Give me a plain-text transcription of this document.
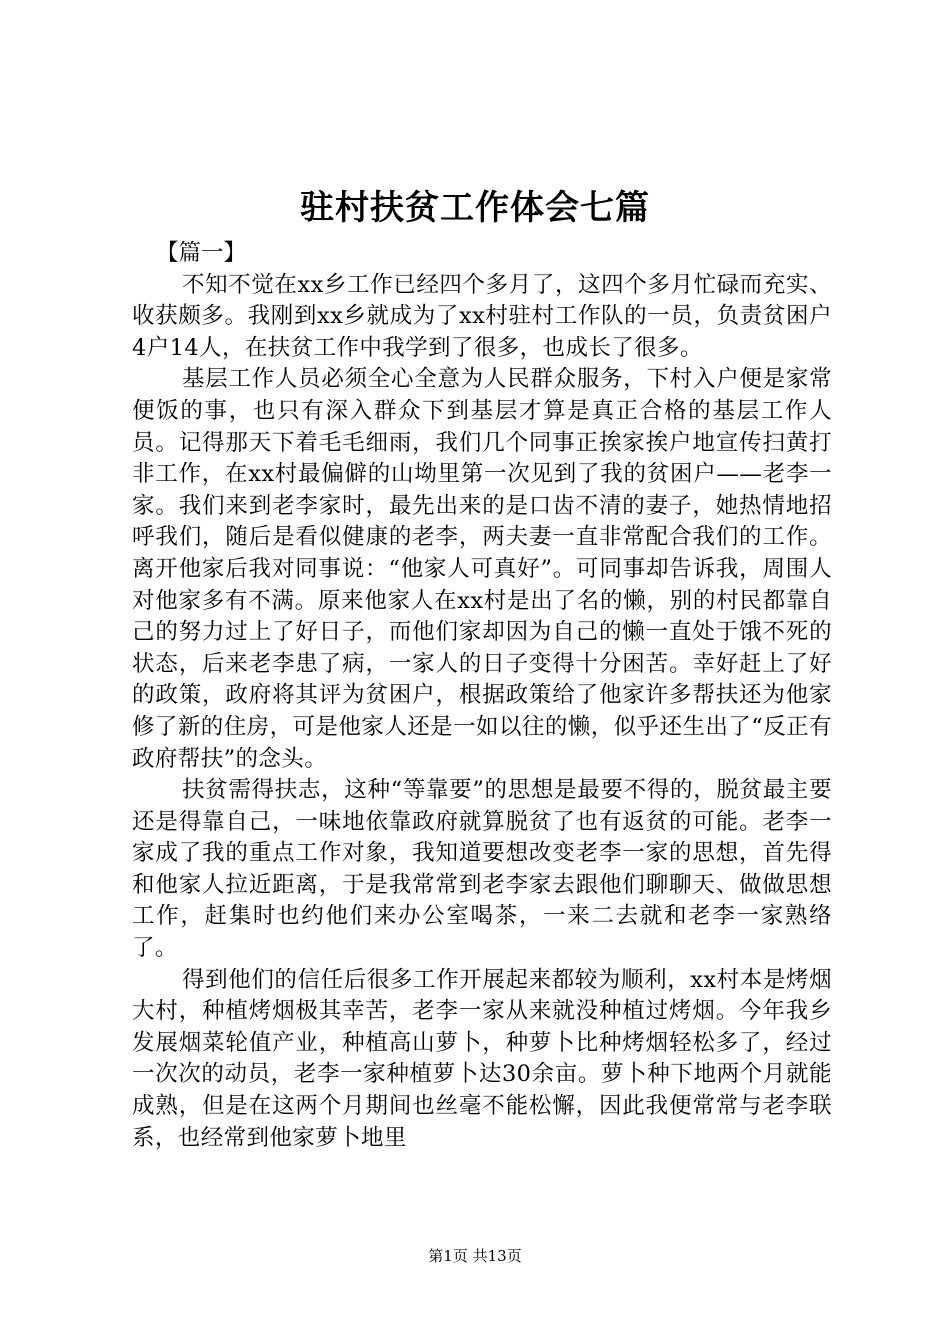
驻村扶贫工作体会七篇

【篇一】

不知不觉在xx乡工作已经四个多月了，这四个多月忙碌而充实、收获颇多。我刚到xx乡就成为了xx村驻村工作队的一员，负责贫困户4户14人，在扶贫工作中我学到了很多，也成长了很多。

基层工作人员必须全心全意为人民群众服务，下村入户便是家常便饭的事，也只有深入群众下到基层才算是真正合格的基层工作人员。记得那天下着毛毛细雨，我们几个同事正挨家挨户地宣传扫黄打非工作，在xx村最偏僻的山坳里第一次见到了我的贫困户——老李一家。我们来到老李家时，最先出来的是口齿不清的妻子，她热情地招呼我们，随后是看似健康的老李，两夫妻一直非常配合我们的工作。离开他家后我对同事说：“他家人可真好”。可同事却告诉我，周围人对他家多有不满。原来他家人在xx村是出了名的懒，别的村民都靠自己的努力过上了好日子，而他们家却因为自己的懒一直处于饿不死的状态，后来老李患了病，一家人的日子变得十分困苦。幸好赶上了好的政策，政府将其评为贫困户，根据政策给了他家许多帮扶还为他家修了新的住房，可是他家人还是一如以往的懒，似乎还生出了“反正有政府帮扶”的念头。

扶贫需得扶志，这种“等靠要”的思想是最要不得的，脱贫最主要还是得靠自己，一味地依靠政府就算脱贫了也有返贫的可能。老李一家成了我的重点工作对象，我知道要想改变老李一家的思想，首先得和他家人拉近距离，于是我常常到老李家去跟他们聊聊天、做做思想工作，赶集时也约他们来办公室喝茶，一来二去就和老李一家熟络了。

得到他们的信任后很多工作开展起来都较为顺利，xx村本是烤烟大村，种植烤烟极其幸苦，老李一家从来就没种植过烤烟。今年我乡发展烟菜轮值产业，种植高山萝卜，种萝卜比种烤烟轻松多了，经过一次次的动员，老李一家种植萝卜达30余亩。萝卜种下地两个月就能成熟，但是在这两个月期间也丝毫不能松懈，因此我便常常与老李联系，也经常到他家萝卜地里

第1页 共13页
